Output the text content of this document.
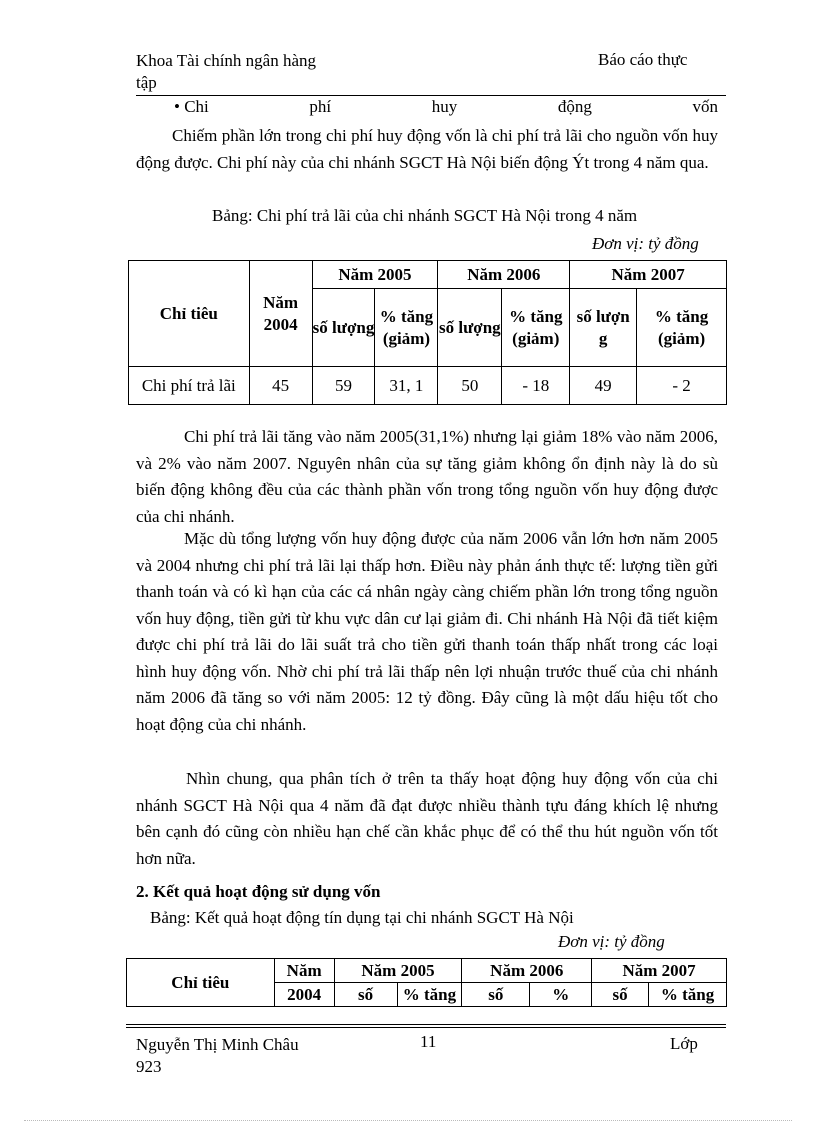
Khoa Tài chính ngân hàng
tập
Báo cáo thực
• Chi	phí	huy	động	vốn
Chiếm phần lớn trong chi phí huy động vốn là chi phí trả lãi cho nguồn vốn huy động được. Chi phí này của chi nhánh SGCT Hà Nội biến động Ýt trong 4 năm qua.
Bảng: Chi phí trả lãi của chi nhánh SGCT Hà Nội trong 4 năm
Đơn vị: tỷ đồng
Chỉ tiêu	Năm 2004	Năm 2005		Năm 2006		Năm 2007	
		số lượng	% tăng (giảm)	số lượng	% tăng (giảm)	số lượn g	% tăng (giảm)
Chi phí trả lãi	45	59	31, 1	50	- 18	49	- 2
Chi phí trả lãi tăng vào năm 2005(31,1%) nhưng lại giảm 18% vào năm 2006, và 2% vào năm 2007. Nguyên nhân của sự tăng giảm không ổn định này là do sù biến động không đều của các thành phần vốn trong tổng nguồn vốn huy động được của chi nhánh.
Mặc dù tổng lượng vốn huy động được của năm 2006 vẫn lớn hơn năm 2005 và 2004 nhưng chi phí trả lãi lại thấp hơn. Điều này phản ánh thực tế: lượng tiền gửi thanh toán và có kì hạn của các cá nhân ngày càng chiếm phần lớn trong tổng nguồn vốn huy động, tiền gửi từ khu vực dân cư lại giảm đi. Chi nhánh Hà Nội đã tiết kiệm được chi phí trả lãi do lãi suất trả cho tiền gửi thanh toán thấp nhất trong các loại hình huy động vốn. Nhờ chi phí trả lãi thấp nên lợi nhuận trước thuế của chi nhánh năm 2006 đã tăng so với năm 2005: 12 tỷ đồng. Đây cũng là một dấu hiệu tốt cho hoạt động của chi nhánh.
Nhìn chung, qua phân tích ở trên ta thấy hoạt động huy động vốn của chi nhánh SGCT Hà Nội qua 4 năm đã đạt được nhiều thành tựu đáng khích lệ nhưng bên cạnh đó cũng còn nhiều hạn chế cần khắc phục để có thể thu hút nguồn vốn tốt hơn nữa.
2. Kết quả hoạt động sử dụng vốn
Bảng: Kết quả hoạt động tín dụng tại chi nhánh SGCT Hà Nội
Đơn vị: tỷ đồng
Chỉ tiêu	Năm	Năm 2005		Năm 2006		Năm 2007	
	2004	số	% tăng	số	%	số	% tăng
Nguyễn Thị Minh Châu
923
11	Lớp
